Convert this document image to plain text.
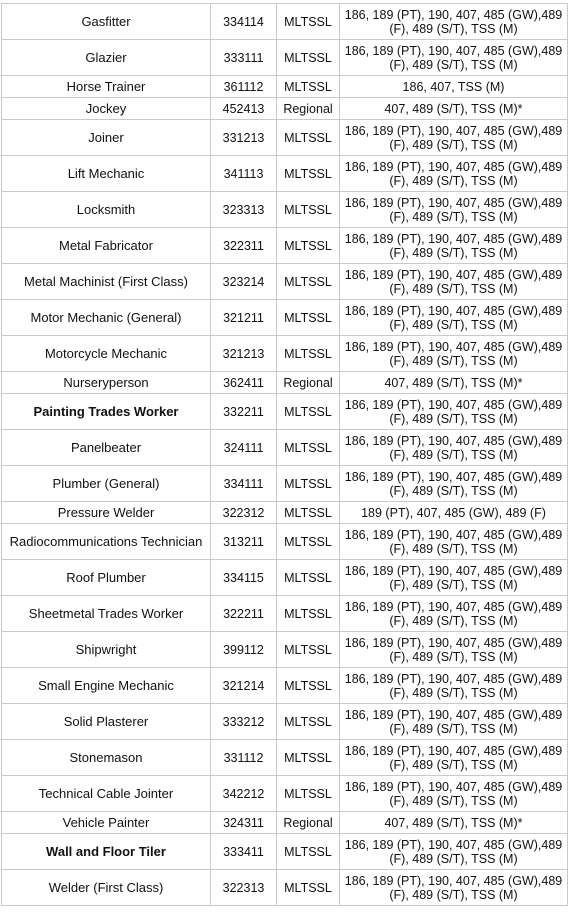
Gasfitter	334114	MLTSSL	186, 189 (PT), 190, 407, 485 (GW),489 (F), 489 (S/T), TSS (M)
Glazier	333111	MLTSSL	186, 189 (PT), 190, 407, 485 (GW),489 (F), 489 (S/T), TSS (M)
Horse Trainer	361112	MLTSSL	186, 407, TSS (M)
Jockey	452413	Regional	407, 489 (S/T), TSS (M)*
Joiner	331213	MLTSSL	186, 189 (PT), 190, 407, 485 (GW),489 (F), 489 (S/T), TSS (M)
Lift Mechanic	341113	MLTSSL	186, 189 (PT), 190, 407, 485 (GW),489 (F), 489 (S/T), TSS (M)
Locksmith	323313	MLTSSL	186, 189 (PT), 190, 407, 485 (GW),489 (F), 489 (S/T), TSS (M)
Metal Fabricator	322311	MLTSSL	186, 189 (PT), 190, 407, 485 (GW),489 (F), 489 (S/T), TSS (M)
Metal Machinist (First Class)	323214	MLTSSL	186, 189 (PT), 190, 407, 485 (GW),489 (F), 489 (S/T), TSS (M)
Motor Mechanic (General)	321211	MLTSSL	186, 189 (PT), 190, 407, 485 (GW),489 (F), 489 (S/T), TSS (M)
Motorcycle Mechanic	321213	MLTSSL	186, 189 (PT), 190, 407, 485 (GW),489 (F), 489 (S/T), TSS (M)
Nurseryperson	362411	Regional	407, 489 (S/T), TSS (M)*
Painting Trades Worker	332211	MLTSSL	186, 189 (PT), 190, 407, 485 (GW),489 (F), 489 (S/T), TSS (M)
Panelbeater	324111	MLTSSL	186, 189 (PT), 190, 407, 485 (GW),489 (F), 489 (S/T), TSS (M)
Plumber (General)	334111	MLTSSL	186, 189 (PT), 190, 407, 485 (GW),489 (F), 489 (S/T), TSS (M)
Pressure Welder	322312	MLTSSL	189 (PT), 407, 485 (GW), 489 (F)
Radiocommunications Technician	313211	MLTSSL	186, 189 (PT), 190, 407, 485 (GW),489 (F), 489 (S/T), TSS (M)
Roof Plumber	334115	MLTSSL	186, 189 (PT), 190, 407, 485 (GW),489 (F), 489 (S/T), TSS (M)
Sheetmetal Trades Worker	322211	MLTSSL	186, 189 (PT), 190, 407, 485 (GW),489 (F), 489 (S/T), TSS (M)
Shipwright	399112	MLTSSL	186, 189 (PT), 190, 407, 485 (GW),489 (F), 489 (S/T), TSS (M)
Small Engine Mechanic	321214	MLTSSL	186, 189 (PT), 190, 407, 485 (GW),489 (F), 489 (S/T), TSS (M)
Solid Plasterer	333212	MLTSSL	186, 189 (PT), 190, 407, 485 (GW),489 (F), 489 (S/T), TSS (M)
Stonemason	331112	MLTSSL	186, 189 (PT), 190, 407, 485 (GW),489 (F), 489 (S/T), TSS (M)
Technical Cable Jointer	342212	MLTSSL	186, 189 (PT), 190, 407, 485 (GW),489 (F), 489 (S/T), TSS (M)
Vehicle Painter	324311	Regional	407, 489 (S/T), TSS (M)*
Wall and Floor Tiler	333411	MLTSSL	186, 189 (PT), 190, 407, 485 (GW),489 (F), 489 (S/T), TSS (M)
Welder (First Class)	322313	MLTSSL	186, 189 (PT), 190, 407, 485 (GW),489 (F), 489 (S/T), TSS (M)
